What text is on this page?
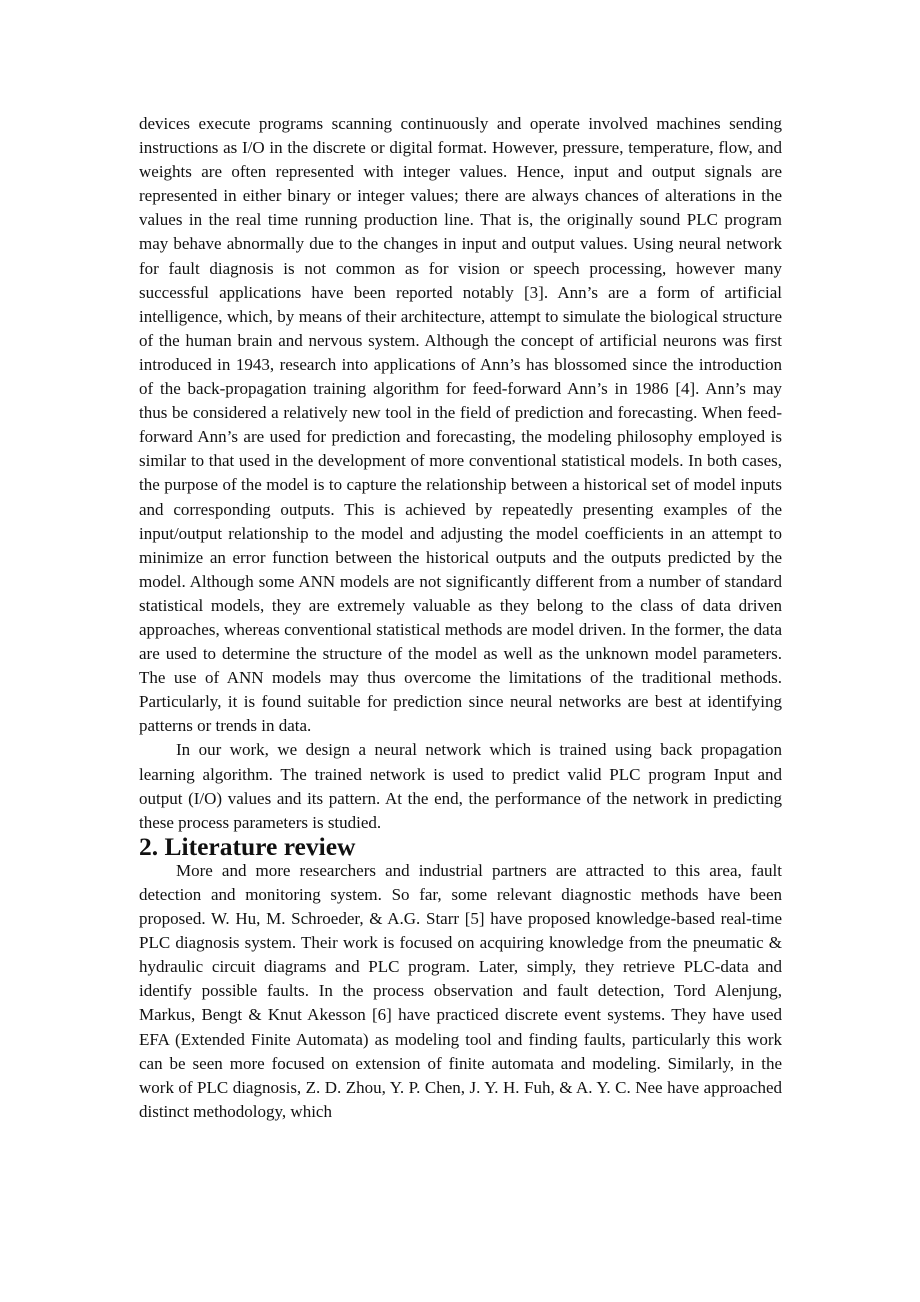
devices execute programs scanning continuously and operate involved machines sending instructions as I/O in the discrete or digital format. However, pressure, temperature, flow, and weights are often represented with integer values. Hence, input and output signals are represented in either binary or integer values; there are always chances of alterations in the values in the real time running production line. That is, the originally sound PLC program may behave abnormally due to the changes in input and output values. Using neural network for fault diagnosis is not common as for vision or speech processing, however many successful applications have been reported notably [3]. Ann’s are a form of artificial intelligence, which, by means of their architecture, attempt to simulate the biological structure of the human brain and nervous system. Although the concept of artificial neurons was first introduced in 1943, research into applications of Ann’s has blossomed since the introduction of the back-propagation training algorithm for feed-forward Ann’s in 1986 [4]. Ann’s may thus be considered a relatively new tool in the field of prediction and forecasting. When feed-forward Ann’s are used for prediction and forecasting, the modeling philosophy employed is similar to that used in the development of more conventional statistical models. In both cases, the purpose of the model is to capture the relationship between a historical set of model inputs and corresponding outputs. This is achieved by repeatedly presenting examples of the input/output relationship to the model and adjusting the model coefficients in an attempt to minimize an error function between the historical outputs and the outputs predicted by the model. Although some ANN models are not significantly different from a number of standard statistical models, they are extremely valuable as they belong to the class of data driven approaches, whereas conventional statistical methods are model driven. In the former, the data are used to determine the structure of the model as well as the unknown model parameters. The use of ANN models may thus overcome the limitations of the traditional methods. Particularly, it is found suitable for prediction since neural networks are best at identifying patterns or trends in data.

In our work, we design a neural network which is trained using back propagation learning algorithm. The trained network is used to predict valid PLC program Input and output (I/O) values and its pattern. At the end, the performance of the network in predicting these process parameters is studied.

2. Literature review

More and more researchers and industrial partners are attracted to this area, fault detection and monitoring system. So far, some relevant diagnostic methods have been proposed. W. Hu, M. Schroeder, & A.G. Starr [5] have proposed knowledge-based real-time PLC diagnosis system. Their work is focused on acquiring knowledge from the pneumatic & hydraulic circuit diagrams and PLC program. Later, simply, they retrieve PLC-data and identify possible faults. In the process observation and fault detection, Tord Alenjung, Markus, Bengt & Knut Akesson [6] have practiced discrete event systems. They have used EFA (Extended Finite Automata) as modeling tool and finding faults, particularly this work can be seen more focused on extension of finite automata and modeling. Similarly, in the work of PLC diagnosis, Z. D. Zhou, Y. P. Chen, J. Y. H. Fuh, & A. Y. C. Nee have approached distinct methodology, which
